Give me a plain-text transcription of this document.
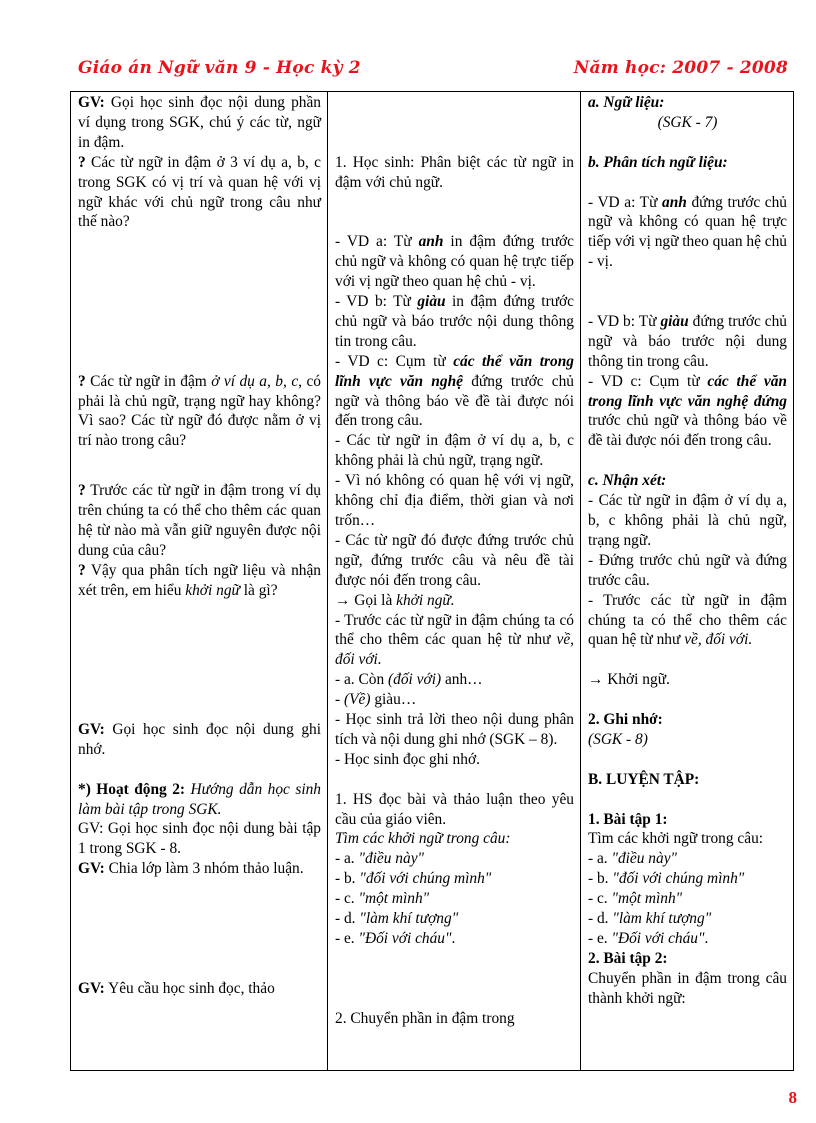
Giáo án Ngữ văn 9 - Học kỳ 2	Năm học: 2007 - 2008

GV: Gọi học sinh đọc nội dung phần ví dụng trong SGK, chú ý các từ, ngữ in đậm.

? Các từ ngữ in đậm ở 3 ví dụ a, b, c trong SGK có vị trí và quan hệ với vị ngữ khác với chủ ngữ trong câu như thế nào?

? Các từ ngữ in đậm ở ví dụ a, b, c, có phải là chủ ngữ, trạng ngữ hay không? Vì sao? Các từ ngữ đó được nằm ở vị trí nào trong câu?

? Trước các từ ngữ in đậm trong ví dụ trên chúng ta có thể cho thêm các quan hệ từ nào mà vẫn giữ nguyên được nội dung của câu?

? Vậy qua phân tích ngữ liệu và nhận xét trên, em hiểu khởi ngữ là gì?

GV: Gọi học sinh đọc nội dung ghi nhớ.

*) Hoạt động 2: Hướng dẫn học sinh làm bài tập trong SGK.

GV: Gọi học sinh đọc nội dung bài tập 1 trong SGK - 8.

GV: Chia lớp làm 3 nhóm thảo luận.

GV: Yêu cầu học sinh đọc, thảo

1. Học sinh: Phân biệt các từ ngữ in đậm với chủ ngữ.

- VD a: Từ anh in đậm đứng trước chủ ngữ và không có quan hệ trực tiếp với vị ngữ theo quan hệ chủ - vị.

- VD b: Từ giàu in đậm đứng trước chủ ngữ và báo trước nội dung thông tin trong câu.

- VD c: Cụm từ các thể văn trong lĩnh vực văn nghệ đứng trước chủ ngữ và thông báo về đề tài được nói đến trong câu.

- Các từ ngữ in đậm ở ví dụ a, b, c không phải là chủ ngữ, trạng ngữ.

- Vì nó không có quan hệ với vị ngữ, không chỉ địa điểm, thời gian và nơi trốn…

- Các từ ngữ đó được đứng trước chủ ngữ, đứng trước câu và nêu đề tài được nói đến trong câu.

→ Gọi là khởi ngữ.

- Trước các từ ngữ in đậm chúng ta có thể cho thêm các quan hệ từ như về, đối với.

- a. Còn (đối với) anh…

- (Về) giàu…

- Học sinh trả lời theo nội dung phân tích và nội dung ghi nhớ (SGK – 8).

- Học sinh đọc ghi nhớ.

1. HS đọc bài và thảo luận theo yêu cầu của giáo viên.

Tìm các khởi ngữ trong câu:

- a. "điều này"

- b. "đối với chúng mình"

- c. "một mình"

- d. "làm khí tượng"

- e. "Đối với cháu".

2. Chuyển phần in đậm trong

a. Ngữ liệu:

(SGK - 7)

b. Phân tích ngữ liệu:

- VD a: Từ anh đứng trước chủ ngữ và không có quan hệ trực tiếp với vị ngữ theo quan hệ chủ - vị.

- VD b: Từ giàu đứng trước chủ ngữ và báo trước nội dung thông tin trong câu.

- VD c: Cụm từ các thể văn trong lĩnh vực văn nghệ đứng trước chủ ngữ và thông báo về đề tài được nói đến trong câu.

c. Nhận xét:

- Các từ ngữ in đậm ở ví dụ a, b, c không phải là chủ ngữ, trạng ngữ.

- Đứng trước chủ ngữ và đứng trước câu.

- Trước các từ ngữ in đậm chúng ta có thể cho thêm các quan hệ từ như về, đối với.

→ Khởi ngữ.

2. Ghi nhớ:

(SGK - 8)

B. LUYỆN TẬP:

1. Bài tập 1:

Tìm các khởi ngữ trong câu:

- a. "điều này"

- b. "đối với chúng mình"

- c. "một mình"

- d. "làm khí tượng"

- e. "Đối với cháu".

2. Bài tập 2:

Chuyển phần in đậm trong câu thành khởi ngữ:

8
